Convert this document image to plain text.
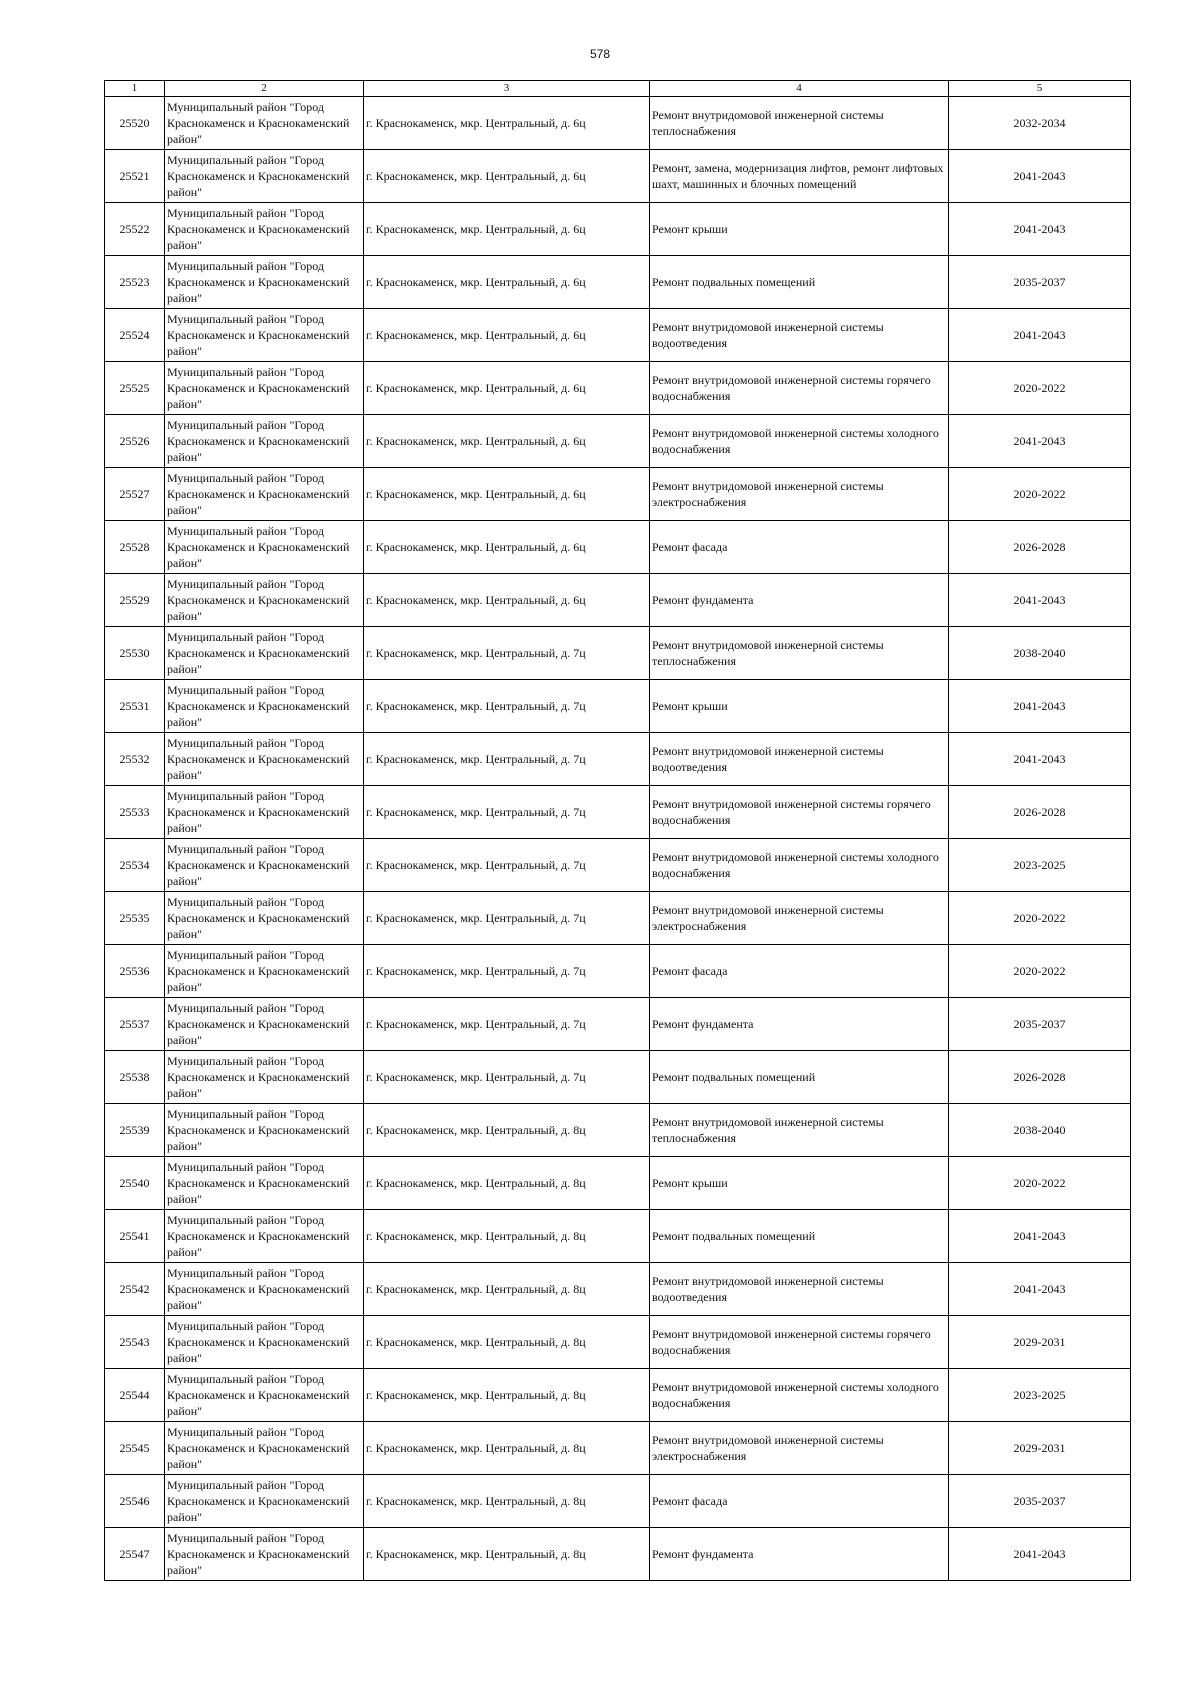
578
1	2	3	4	5
25520	Муниципальный район "Город Краснокаменск и Краснокаменский район"	г. Краснокаменск, мкр. Центральный, д. 6ц	Ремонт внутридомовой инженерной системы теплоснабжения	2032-2034
25521	Муниципальный район "Город Краснокаменск и Краснокаменский район"	г. Краснокаменск, мкр. Центральный, д. 6ц	Ремонт, замена, модернизация лифтов, ремонт лифтовых шахт, машинных и блочных помещений	2041-2043
25522	Муниципальный район "Город Краснокаменск и Краснокаменский район"	г. Краснокаменск, мкр. Центральный, д. 6ц	Ремонт крыши	2041-2043
25523	Муниципальный район "Город Краснокаменск и Краснокаменский район"	г. Краснокаменск, мкр. Центральный, д. 6ц	Ремонт подвальных помещений	2035-2037
25524	Муниципальный район "Город Краснокаменск и Краснокаменский район"	г. Краснокаменск, мкр. Центральный, д. 6ц	Ремонт внутридомовой инженерной системы водоотведения	2041-2043
25525	Муниципальный район "Город Краснокаменск и Краснокаменский район"	г. Краснокаменск, мкр. Центральный, д. 6ц	Ремонт внутридомовой инженерной системы горячего водоснабжения	2020-2022
25526	Муниципальный район "Город Краснокаменск и Краснокаменский район"	г. Краснокаменск, мкр. Центральный, д. 6ц	Ремонт внутридомовой инженерной системы холодного водоснабжения	2041-2043
25527	Муниципальный район "Город Краснокаменск и Краснокаменский район"	г. Краснокаменск, мкр. Центральный, д. 6ц	Ремонт внутридомовой инженерной системы электроснабжения	2020-2022
25528	Муниципальный район "Город Краснокаменск и Краснокаменский район"	г. Краснокаменск, мкр. Центральный, д. 6ц	Ремонт фасада	2026-2028
25529	Муниципальный район "Город Краснокаменск и Краснокаменский район"	г. Краснокаменск, мкр. Центральный, д. 6ц	Ремонт фундамента	2041-2043
25530	Муниципальный район "Город Краснокаменск и Краснокаменский район"	г. Краснокаменск, мкр. Центральный, д. 7ц	Ремонт внутридомовой инженерной системы теплоснабжения	2038-2040
25531	Муниципальный район "Город Краснокаменск и Краснокаменский район"	г. Краснокаменск, мкр. Центральный, д. 7ц	Ремонт крыши	2041-2043
25532	Муниципальный район "Город Краснокаменск и Краснокаменский район"	г. Краснокаменск, мкр. Центральный, д. 7ц	Ремонт внутридомовой инженерной системы водоотведения	2041-2043
25533	Муниципальный район "Город Краснокаменск и Краснокаменский район"	г. Краснокаменск, мкр. Центральный, д. 7ц	Ремонт внутридомовой инженерной системы горячего водоснабжения	2026-2028
25534	Муниципальный район "Город Краснокаменск и Краснокаменский район"	г. Краснокаменск, мкр. Центральный, д. 7ц	Ремонт внутридомовой инженерной системы холодного водоснабжения	2023-2025
25535	Муниципальный район "Город Краснокаменск и Краснокаменский район"	г. Краснокаменск, мкр. Центральный, д. 7ц	Ремонт внутридомовой инженерной системы электроснабжения	2020-2022
25536	Муниципальный район "Город Краснокаменск и Краснокаменский район"	г. Краснокаменск, мкр. Центральный, д. 7ц	Ремонт фасада	2020-2022
25537	Муниципальный район "Город Краснокаменск и Краснокаменский район"	г. Краснокаменск, мкр. Центральный, д. 7ц	Ремонт фундамента	2035-2037
25538	Муниципальный район "Город Краснокаменск и Краснокаменский район"	г. Краснокаменск, мкр. Центральный, д. 7ц	Ремонт подвальных помещений	2026-2028
25539	Муниципальный район "Город Краснокаменск и Краснокаменский район"	г. Краснокаменск, мкр. Центральный, д. 8ц	Ремонт внутридомовой инженерной системы теплоснабжения	2038-2040
25540	Муниципальный район "Город Краснокаменск и Краснокаменский район"	г. Краснокаменск, мкр. Центральный, д. 8ц	Ремонт крыши	2020-2022
25541	Муниципальный район "Город Краснокаменск и Краснокаменский район"	г. Краснокаменск, мкр. Центральный, д. 8ц	Ремонт подвальных помещений	2041-2043
25542	Муниципальный район "Город Краснокаменск и Краснокаменский район"	г. Краснокаменск, мкр. Центральный, д. 8ц	Ремонт внутридомовой инженерной системы водоотведения	2041-2043
25543	Муниципальный район "Город Краснокаменск и Краснокаменский район"	г. Краснокаменск, мкр. Центральный, д. 8ц	Ремонт внутридомовой инженерной системы горячего водоснабжения	2029-2031
25544	Муниципальный район "Город Краснокаменск и Краснокаменский район"	г. Краснокаменск, мкр. Центральный, д. 8ц	Ремонт внутридомовой инженерной системы холодного водоснабжения	2023-2025
25545	Муниципальный район "Город Краснокаменск и Краснокаменский район"	г. Краснокаменск, мкр. Центральный, д. 8ц	Ремонт внутридомовой инженерной системы электроснабжения	2029-2031
25546	Муниципальный район "Город Краснокаменск и Краснокаменский район"	г. Краснокаменск, мкр. Центральный, д. 8ц	Ремонт фасада	2035-2037
25547	Муниципальный район "Город Краснокаменск и Краснокаменский район"	г. Краснокаменск, мкр. Центральный, д. 8ц	Ремонт фундамента	2041-2043
